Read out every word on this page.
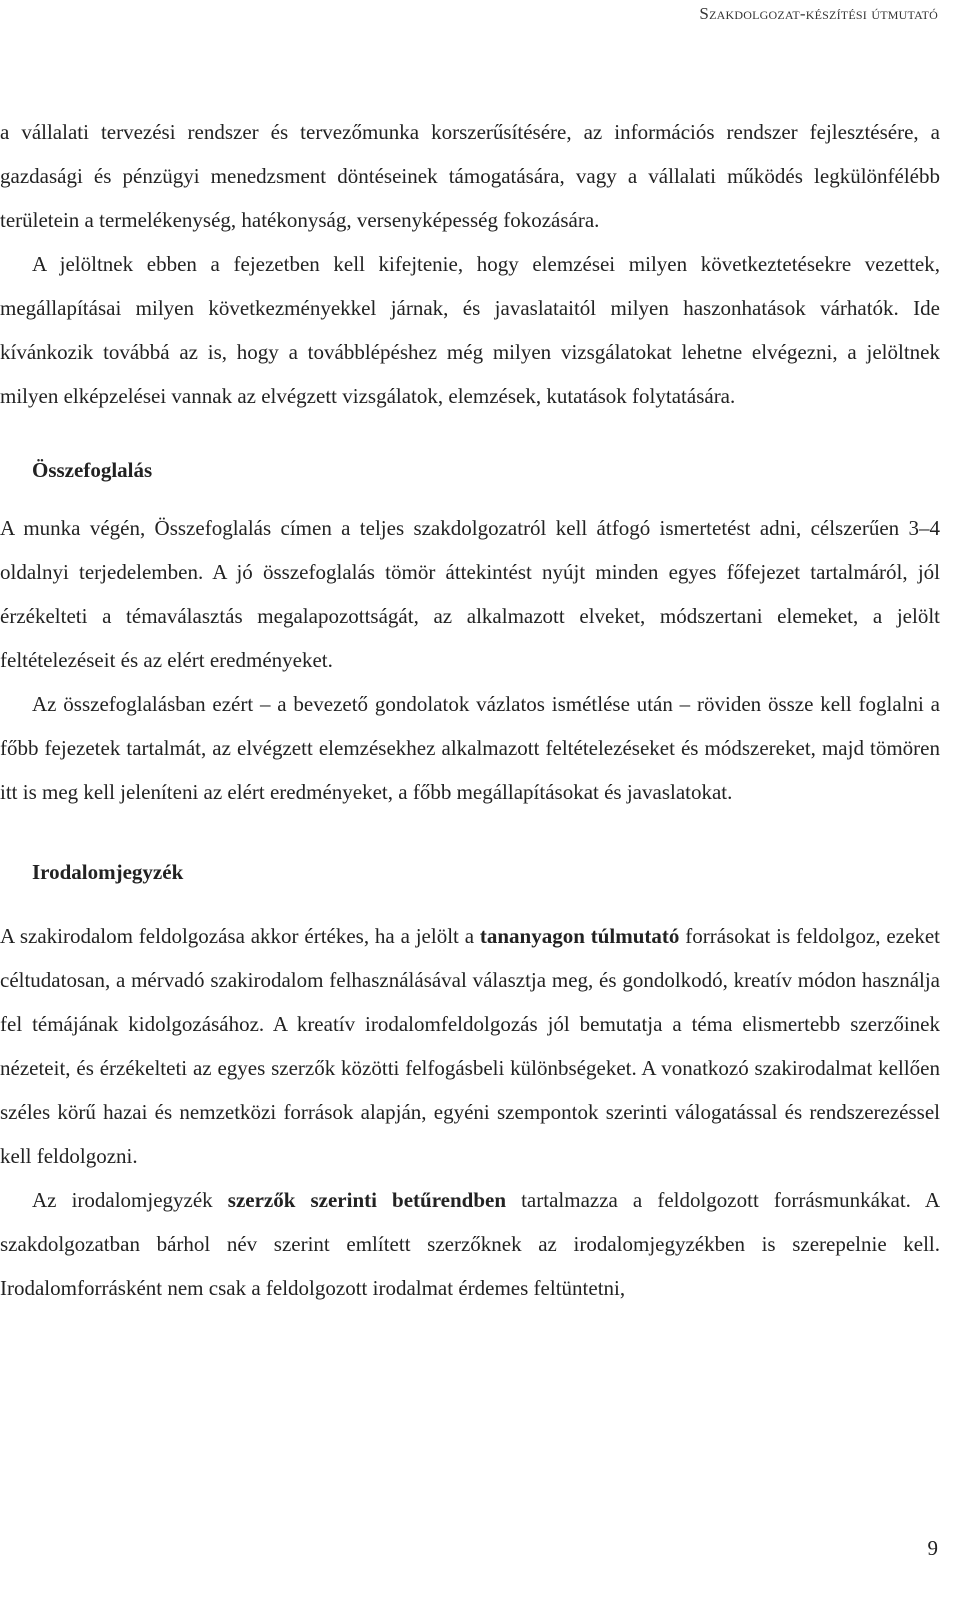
Szakdolgozat-készítési útmutató

a vállalati tervezési rendszer és tervezőmunka korszerűsítésére, az információs rendszer fejlesztésére, a gazdasági és pénzügyi menedzsment döntéseinek támogatására, vagy a vállalati működés legkülönfélébb területein a termelékenység, hatékonyság, versenyképesség fokozására.

A jelöltnek ebben a fejezetben kell kifejtenie, hogy elemzései milyen következtetésekre vezettek, megállapításai milyen következményekkel járnak, és javaslataitól milyen haszonhatások várhatók. Ide kívánkozik továbbá az is, hogy a továbblépéshez még milyen vizsgálatokat lehetne elvégezni, a jelöltnek milyen elképzelései vannak az elvégzett vizsgálatok, elemzések, kutatások folytatására.

Összefoglalás

A munka végén, Összefoglalás címen a teljes szakdolgozatról kell átfogó ismertetést adni, célszerűen 3–4 oldalnyi terjedelemben. A jó összefoglalás tömör áttekintést nyújt minden egyes főfejezet tartalmáról, jól érzékelteti a témaválasztás megalapozottságát, az alkalmazott elveket, módszertani elemeket, a jelölt feltételezéseit és az elért eredményeket.

Az összefoglalásban ezért – a bevezető gondolatok vázlatos ismétlése után – röviden össze kell foglalni a főbb fejezetek tartalmát, az elvégzett elemzésekhez alkalmazott feltételezéseket és módszereket, majd tömören itt is meg kell jeleníteni az elért eredményeket, a főbb megállapításokat és javaslatokat.

Irodalomjegyzék

A szakirodalom feldolgozása akkor értékes, ha a jelölt a tananyagon túlmutató forrásokat is feldolgoz, ezeket céltudatosan, a mérvadó szakirodalom felhasználásával választja meg, és gondolkodó, kreatív módon használja fel témájának kidolgozásához. A kreatív irodalomfeldolgozás jól bemutatja a téma elismertebb szerzőinek nézeteit, és érzékelteti az egyes szerzők közötti felfogásbeli különbségeket. A vonatkozó szakirodalmat kellően széles körű hazai és nemzetközi források alapján, egyéni szempontok szerinti válogatással és rendszerezéssel kell feldolgozni.

Az irodalomjegyzék szerzők szerinti betűrendben tartalmazza a feldolgozott forrásmunkákat. A szakdolgozatban bárhol név szerint említett szerzőknek az irodalomjegyzékben is szerepelnie kell. Irodalomforrásként nem csak a feldolgozott irodalmat érdemes feltüntetni,

9
